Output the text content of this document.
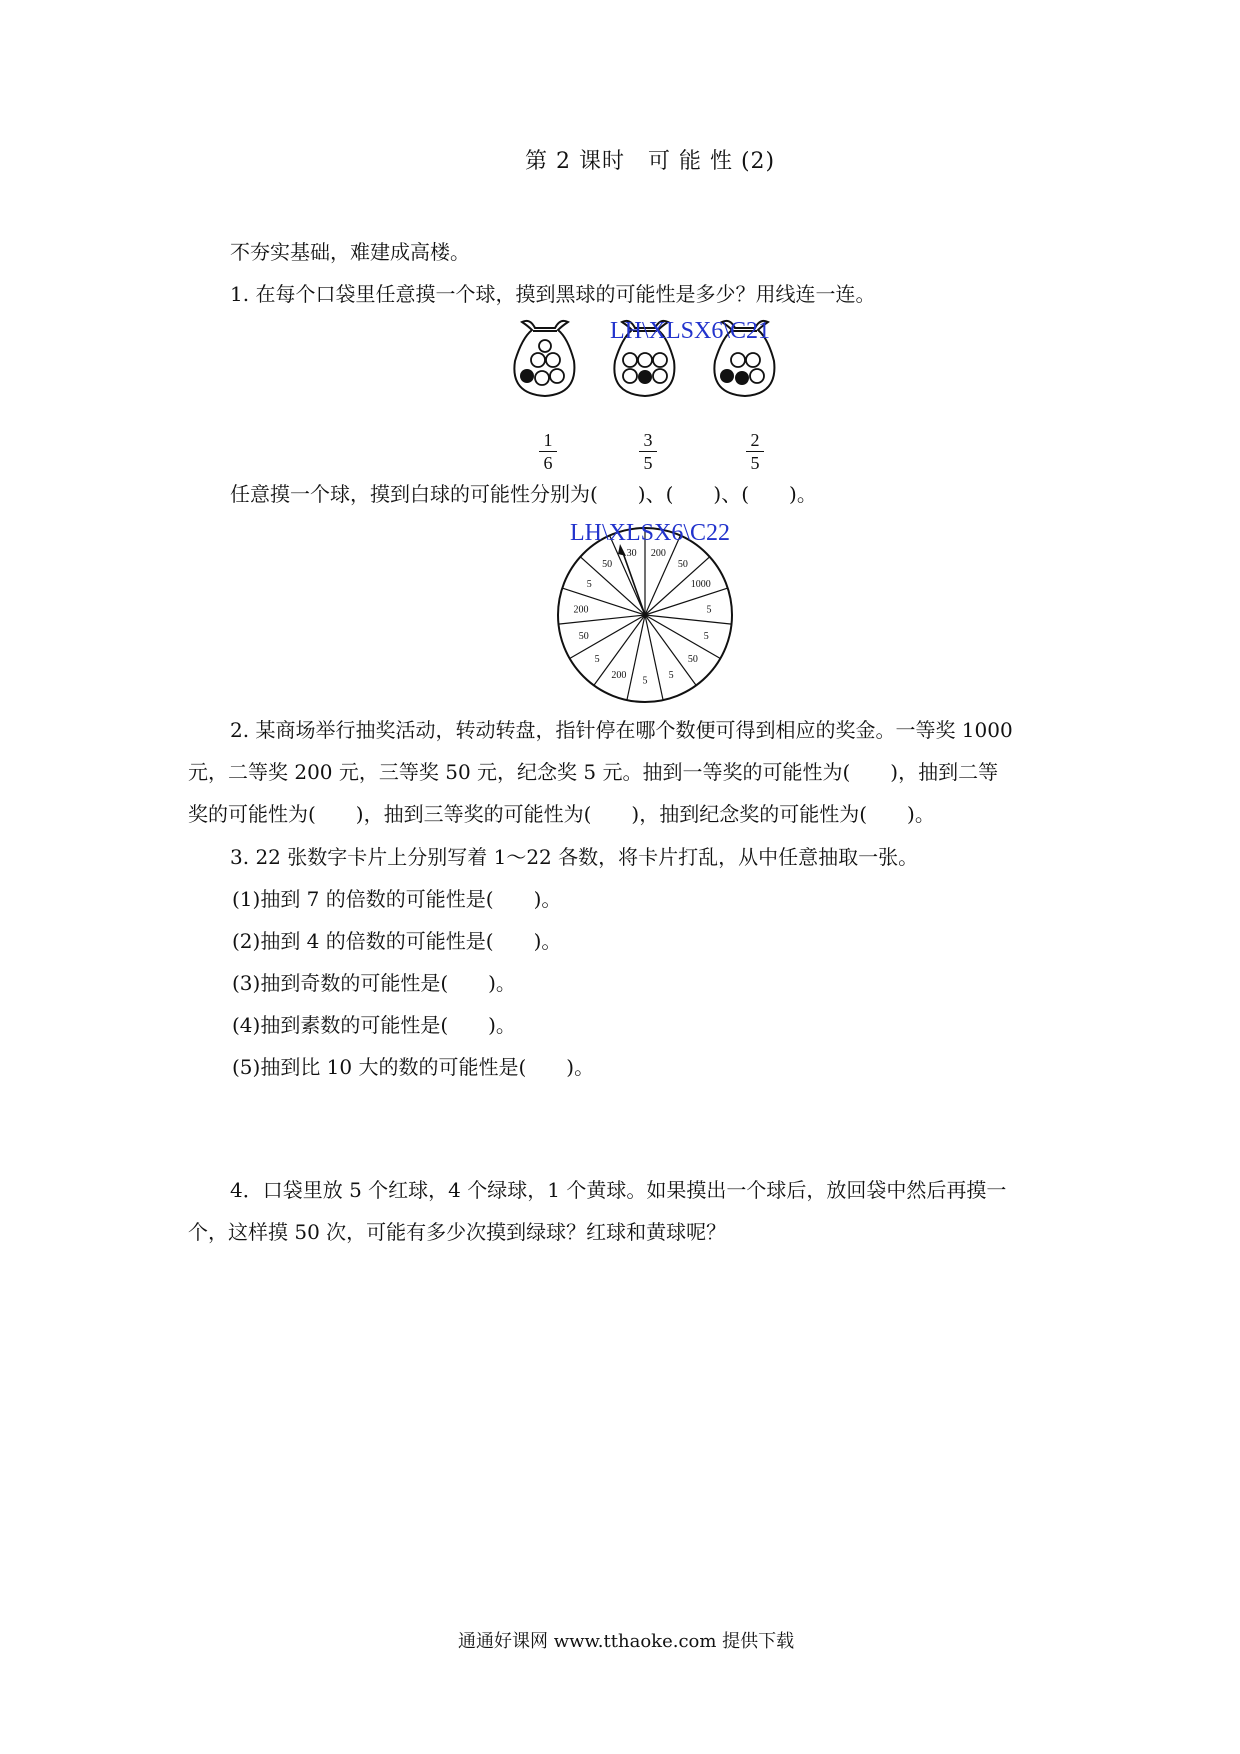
第 2 课时　可 能 性 (2)
不夯实基础，难建成高楼。
1. 在每个口袋里任意摸一个球，摸到黑球的可能性是多少？用线连一连。
LH\XLSX6\C21
1
6
3
5
2
5
任意摸一个球，摸到白球的可能性分别为(　　)、(　　)、(　　)。
30 200
50
1000
5
5
50
5
5
200
5
50
200
5
50
LH\XLSX6\C22
2. 某商场举行抽奖活动，转动转盘，指针停在哪个数便可得到相应的奖金。一等奖 1000
元，二等奖 200 元，三等奖 50 元，纪念奖 5 元。抽到一等奖的可能性为(　　)，抽到二等
奖的可能性为(　　)，抽到三等奖的可能性为(　　)，抽到纪念奖的可能性为(　　)。
3. 22 张数字卡片上分别写着 1～22 各数，将卡片打乱，从中任意抽取一张。
(1)抽到 7 的倍数的可能性是(　　)。
(2)抽到 4 的倍数的可能性是(　　)。
(3)抽到奇数的可能性是(　　)。
(4)抽到素数的可能性是(　　)。
(5)抽到比 10 大的数的可能性是(　　)。
4．口袋里放 5 个红球，4 个绿球，1 个黄球。如果摸出一个球后，放回袋中然后再摸一
个，这样摸 50 次，可能有多少次摸到绿球？红球和黄球呢？
通通好课网 www.tthaoke.com 提供下载
